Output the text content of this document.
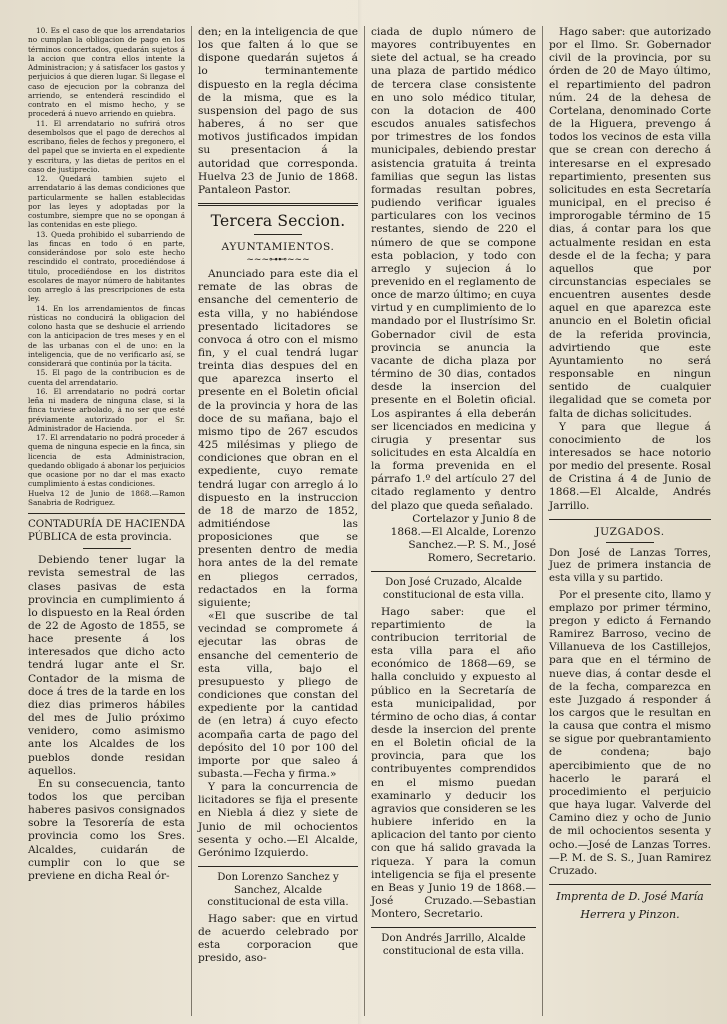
10. Es el caso de que los arrendatarios no cumplan la obligacion de pago en los términos concertados, quedarán sujetos á la accion que contra ellos intente la Administracion; y á satisfacer los gastos y perjuicios á que dieren lugar. Si llegase el caso de ejecucion por la cobranza del arriendo, se entenderá rescindido el contrato en el mismo hecho, y se procederá á nuevo arriendo en quiebra.

11. El arrendatario no sufrirá otros desembolsos que el pago de derechos al escribano, fieles de fechos y pregonero, el del papel que se invierta en el expediente y escritura, y las dietas de peritos en el caso de justiprecio.

12. Quedará tambien sujeto el arrendatario á las demas condiciones que particularmente se hallen establecidas por las leyes y adoptadas por la costumbre, siempre que no se opongan á las contenidas en este pliego.

13. Queda prohibido el subarriendo de las fincas en todo ó en parte, considerándose por solo este hecho rescindido el contrato, procediéndose á titulo, procediéndose en los distritos escolares de mayor número de habitantes con arreglo á las prescripciones de esta ley.

14. En los arrendamientos de fincas rústicas no conducirá la obligacion del colono hasta que se deshucie el arriendo con la anticipacion de tres meses y en el de las urbanas con el de uno: en la inteligencia, que de no verificarlo así, se considerará que continúa por la tácita.

15. El pago de la contribucion es de cuenta del arrendatario.

16. El arrendatario no podrá cortar leña ni madera de ninguna clase, si la finca tuviese arbolado, á no ser que esté préviamente autorizado por el Sr. Administrador de Hacienda.

17. El arrendatario no podrá proceder á quema de ninguna especie en la finca, sin licencia de esta Administracion, quedando obligado á abonar los perjuicios que ocasione por no dar el mas exacto cumplimiento á estas condiciones.

Huelva 12 de Junio de 1868.—Ramon Sanabria de Rodriguez.

CONTADURÍA DE HACIENDA PÚBLICA de esta provincia.

Debiendo tener lugar la revista semestral de las clases pasivas de esta provincia en cumplimiento á lo dispuesto en la Real órden de 22 de Agosto de 1855, se hace presente á los interesados que dicho acto tendrá lugar ante el Sr. Contador de la misma de doce á tres de la tarde en los diez dias primeros hábiles del mes de Julio próximo venidero, como asimismo ante los Alcaldes de los pueblos donde residan aquellos.

En su consecuencia, tanto todos los que perciban haberes pasivos consignados sobre la Tesorería de esta provincia como los Sres. Alcaldes, cuidarán de cumplir con lo que se previene en dicha Real ór-

den; en la inteligencia de que los que falten á lo que se dispone quedarán sujetos á lo terminantemente dispuesto en la regla décima de la misma, que es la suspension del pago de sus haberes, á no ser que motivos justificados impidan su presentacion á la autoridad que corresponda. Huelva 23 de Junio de 1868. Pantaleon Pastor.

Tercera Seccion.
AYUNTAMIENTOS.
~~~⊶⊷~~~

Anunciado para este dia el remate de las obras de ensanche del cementerio de esta villa, y no habiéndose presentado licitadores se convoca á otro con el mismo fin, y el cual tendrá lugar treinta dias despues del en que aparezca inserto el presente en el Boletin oficial de la provincia y hora de las doce de su mañana, bajo el mismo tipo de 267 escudos 425 milésimas y pliego de condiciones que obran en el expediente, cuyo remate tendrá lugar con arreglo á lo dispuesto en la instruccion de 18 de marzo de 1852, admitiéndose las proposiciones que se presenten dentro de media hora antes de la del remate en pliegos cerrados, redactados en la forma siguiente;

«El que suscribe de tal vecindad se compromete á ejecutar las obras de ensanche del cementerio de esta villa, bajo el presupuesto y pliego de condiciones que constan del expediente por la cantidad de (en letra) á cuyo efecto acompaña carta de pago del depósito del 10 por 100 del importe por que saleo á subasta.—Fecha y firma.»

Y para la concurrencia de licitadores se fija el presente en Niebla á diez y siete de Junio de mil ochocientos sesenta y ocho.—El Alcalde, Gerónimo Izquierdo.

Don Lorenzo Sanchez y Sanchez, Alcalde constitucional de esta villa.

Hago saber: que en virtud de acuerdo celebrado por esta corporacion que presido, aso-

ciada de duplo número de mayores contribuyentes en siete del actual, se ha creado una plaza de partido médico de tercera clase consistente en uno solo médico titular, con la dotacion de 400 escudos anuales satisfechos por trimestres de los fondos municipales, debiendo prestar asistencia gratuita á treinta familias que segun las listas formadas resultan pobres, pudiendo verificar iguales particulares con los vecinos restantes, siendo de 220 el número de que se compone esta poblacion, y todo con arreglo y sujecion á lo prevenido en el reglamento de once de marzo último; en cuya virtud y en cumplimiento de lo mandado por el Ilustrísimo Sr. Gobernador civil de esta provincia se anuncia la vacante de dicha plaza por término de 30 dias, contados desde la insercion del presente en el Boletin oficial. Los aspirantes á ella deberán ser licenciados en medicina y cirugia y presentar sus solicitudes en esta Alcaldía en la forma prevenida en el párrafo 1.º del artículo 27 del citado reglamento y dentro del plazo que queda señalado.

Cortelazor y Junio 8 de 1868.—El Alcalde, Lorenzo Sanchez.—P. S. M., José Romero, Secretario.

Don José Cruzado, Alcalde constitucional de esta villa.

Hago saber: que el repartimiento de la contribucion territorial de esta villa para el año económico de 1868—69, se halla concluido y expuesto al público en la Secretaría de esta municipalidad, por término de ocho dias, á contar desde la insercion del prente en el Boletin oficial de la provincia, para que los contribuyentes comprendidos en el mismo puedan examinarlo y deducir los agravios que consideren se les hubiere inferido en la aplicacion del tanto por ciento con que há salido gravada la riqueza. Y para la comun inteligencia se fija el presente en Beas y Junio 19 de 1868.—José Cruzado.—Sebastian Montero, Secretario.

Don Andrés Jarrillo, Alcalde constitucional de esta villa.

Hago saber: que autorizado por el Ilmo. Sr. Gobernador civil de la provincia, por su órden de 20 de Mayo último, el repartimiento del padron núm. 24 de la dehesa de Cortelana, denominado Corte de la Higuera, prevengo á todos los vecinos de esta villa que se crean con derecho á interesarse en el expresado repartimiento, presenten sus solicitudes en esta Secretaría municipal, en el preciso é improrogable término de 15 dias, á contar para los que actualmente residan en esta desde el de la fecha; y para aquellos que por circunstancias especiales se encuentren ausentes desde aquel en que aparezca este anuncio en el Boletin oficial de la referida provincia, advirtiendo que este Ayuntamiento no será responsable en ningun sentido de cualquier ilegalidad que se cometa por falta de dichas solicitudes.

Y para que llegue á conocimiento de los interesados se hace notorio por medio del presente. Rosal de Cristina á 4 de Junio de 1868.—El Alcalde, Andrés Jarrillo.

JUZGADOS.
Don José de Lanzas Torres, Juez de primera instancia de esta villa y su partido.

Por el presente cito, llamo y emplazo por primer término, pregon y edicto á Fernando Ramirez Barroso, vecino de Villanueva de los Castillejos, para que en el término de nueve dias, á contar desde el de la fecha, comparezca en este Juzgado á responder á los cargos que le resultan en la causa que contra el mismo se sigue por quebrantamiento de condena; bajo apercibimiento que de no hacerlo le parará el procedimiento el perjuicio que haya lugar. Valverde del Camino diez y ocho de Junio de mil ochocientos sesenta y ocho.—José de Lanzas Torres. —P. M. de S. S., Juan Ramirez Cruzado.

Imprenta de D. José María
Herrera y Pinzon.
